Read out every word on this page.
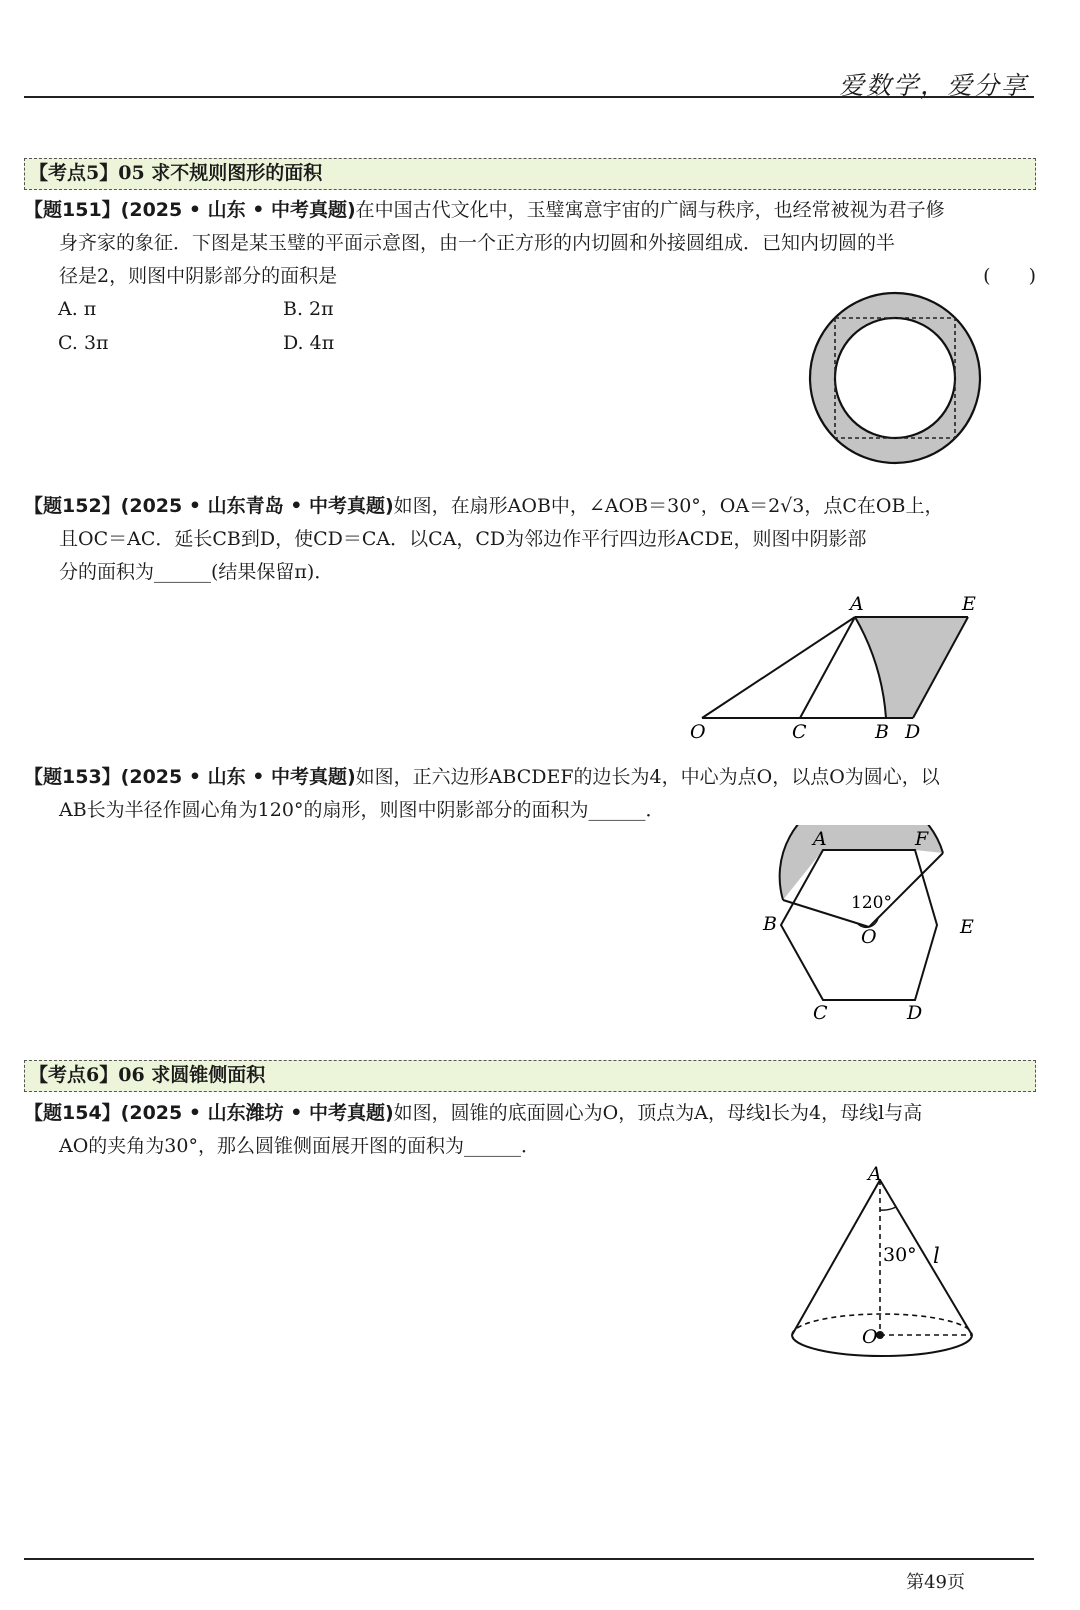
爱数学，爱分享
【考点5】05 求不规则图形的面积
【题151】(2025 • 山东 • 中考真题)在中国古代文化中，玉璧寓意宇宙的广阔与秩序，也经常被视为君子修
身齐家的象征．下图是某玉璧的平面示意图，由一个正方形的内切圆和外接圆组成．已知内切圆的半
径是2，则图中阴影部分的面积是	(　　)
A. π	B. 2π
C. 3π	D. 4π
【题152】(2025 • 山东青岛 • 中考真题)如图，在扇形AOB中，∠AOB＝30°，OA＝2√3，点C在OB上，
且OC＝AC．延长CB到D，使CD＝CA．以CA，CD为邻边作平行四边形ACDE，则图中阴影部
分的面积为______(结果保留π)．
A	E
O	C	B D
【题153】(2025 • 山东 • 中考真题)如图，正六边形ABCDEF的边长为4，中心为点O，以点O为圆心，以
AB长为半径作圆心角为120°的扇形，则图中阴影部分的面积为______．
120°
A	F
B	E
O
C	D
【考点6】06 求圆锥侧面积
【题154】(2025 • 山东潍坊 • 中考真题)如图，圆锥的底面圆心为O，顶点为A，母线l长为4，母线l与高
AO的夹角为30°，那么圆锥侧面展开图的面积为______．
A
30° l
O
第49页
